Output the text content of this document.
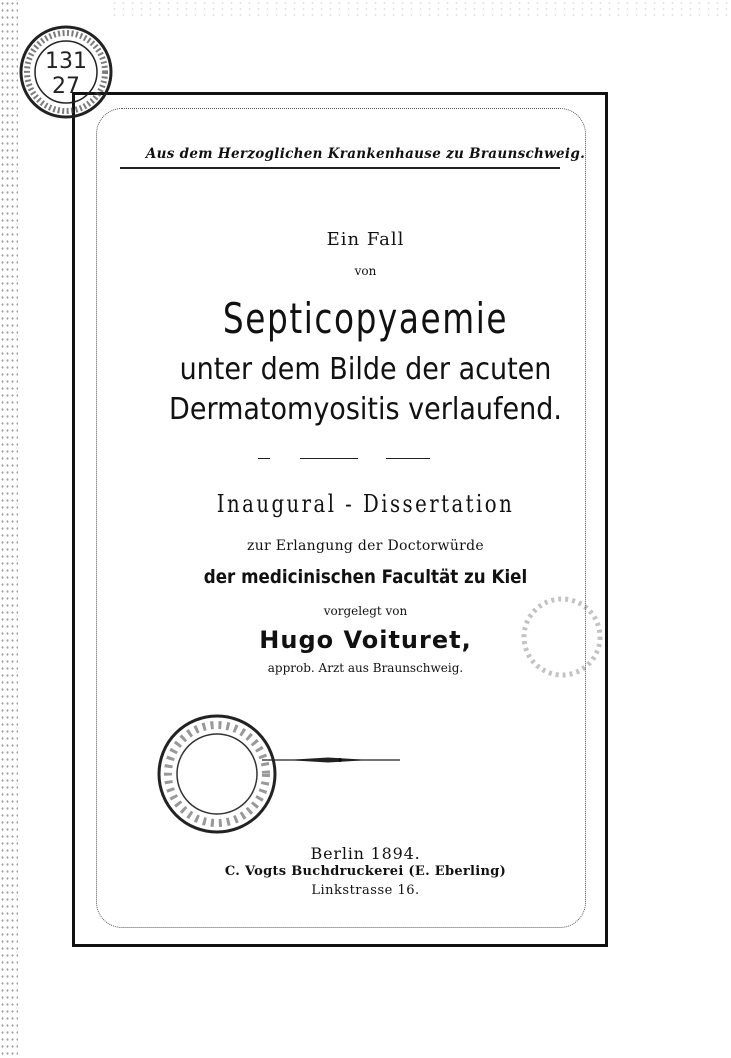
131
27
Aus dem Herzoglichen Krankenhause zu Braunschweig.
Ein Fall
von
Septicopyaemie
unter dem Bilde der acuten
Dermatomyositis verlaufend.
Inaugural - Dissertation
zur Erlangung der Doctorwürde
der medicinischen Facultät zu Kiel
vorgelegt von
Hugo Voituret,
approb. Arzt aus Braunschweig.
Berlin 1894.
C. Vogts Buchdruckerei (E. Eberling)
Linkstrasse 16.
